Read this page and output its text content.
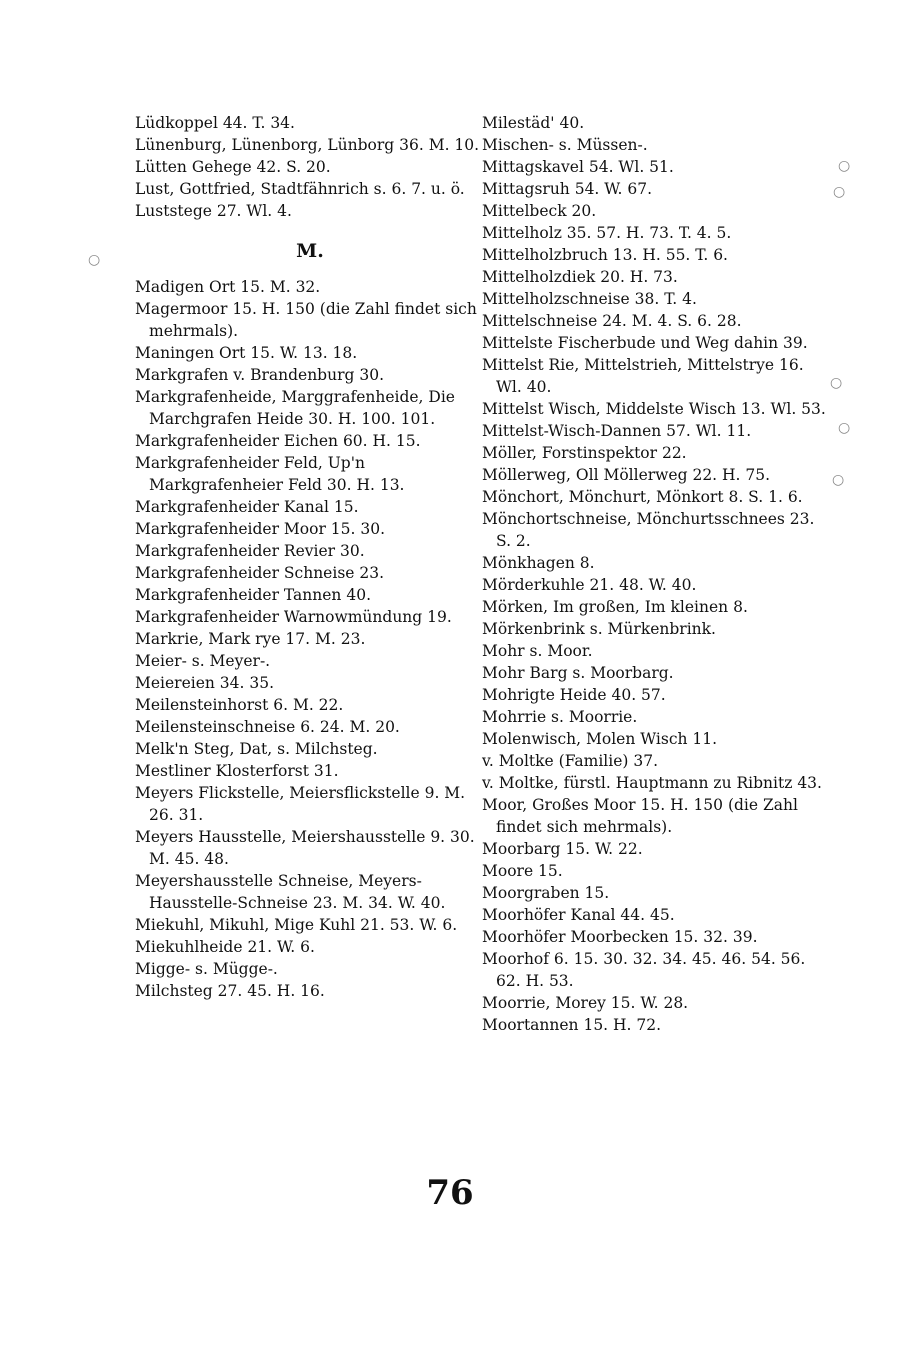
Lüdkoppel 44. T. 34.

Lünenburg, Lünenborg, Lünborg 36. M. 10.

Lütten Gehege 42. S. 20.

Lust, Gottfried, Stadtfähnrich s. 6. 7. u. ö.

Luststege 27. Wl. 4.

M.

Madigen Ort 15. M. 32.

Magermoor 15. H. 150 (die Zahl findet sich mehrmals).

Maningen Ort 15. W. 13. 18.

Markgrafen v. Brandenburg 30.

Markgrafenheide, Marggrafenheide, Die Marchgrafen Heide 30. H. 100. 101.

Markgrafenheider Eichen 60. H. 15.

Markgrafenheider Feld, Up'n Markgrafenheier Feld 30. H. 13.

Markgrafenheider Kanal 15.

Markgrafenheider Moor 15. 30.

Markgrafenheider Revier 30.

Markgrafenheider Schneise 23.

Markgrafenheider Tannen 40.

Markgrafenheider Warnowmündung 19.

Markrie, Mark rye 17. M. 23.

Meier- s. Meyer-.

Meiereien 34. 35.

Meilensteinhorst 6. M. 22.

Meilensteinschneise 6. 24. M. 20.

Melk'n Steg, Dat, s. Milchsteg.

Mestliner Klosterforst 31.

Meyers Flickstelle, Meiersflickstelle 9. M. 26. 31.

Meyers Hausstelle, Meiershausstelle 9. 30. M. 45. 48.

Meyershausstelle Schneise, Meyers-Hausstelle-Schneise 23. M. 34. W. 40.

Miekuhl, Mikuhl, Mige Kuhl 21. 53. W. 6.

Miekuhlheide 21. W. 6.

Migge- s. Mügge-.

Milchsteg 27. 45. H. 16.

Milestäd' 40.

Mischen- s. Müssen-.

Mittagskavel 54. Wl. 51.

Mittagsruh 54. W. 67.

Mittelbeck 20.

Mittelholz 35. 57. H. 73. T. 4. 5.

Mittelholzbruch 13. H. 55. T. 6.

Mittelholzdiek 20. H. 73.

Mittelholzschneise 38. T. 4.

Mittelschneise 24. M. 4. S. 6. 28.

Mittelste Fischerbude und Weg dahin 39.

Mittelst Rie, Mittelstrieh, Mittelstrye 16. Wl. 40.

Mittelst Wisch, Middelste Wisch 13. Wl. 53.

Mittelst-Wisch-Dannen 57. Wl. 11.

Möller, Forstinspektor 22.

Möllerweg, Oll Möllerweg 22. H. 75.

Mönchort, Mönchurt, Mönkort 8. S. 1. 6.

Mönchortschneise, Mönchurtsschnees 23. S. 2.

Mönkhagen 8.

Mörderkuhle 21. 48. W. 40.

Mörken, Im großen, Im kleinen 8.

Mörkenbrink s. Mürkenbrink.

Mohr s. Moor.

Mohr Barg s. Moorbarg.

Mohrigte Heide 40. 57.

Mohrrie s. Moorrie.

Molenwisch, Molen Wisch 11.

v. Moltke (Familie) 37.

v. Moltke, fürstl. Hauptmann zu Ribnitz 43.

Moor, Großes Moor 15. H. 150 (die Zahl findet sich mehrmals).

Moorbarg 15. W. 22.

Moore 15.

Moorgraben 15.

Moorhöfer Kanal 44. 45.

Moorhöfer Moorbecken 15. 32. 39.

Moorhof 6. 15. 30. 32. 34. 45. 46. 54. 56. 62. H. 53.

Moorrie, Morey 15. W. 28.

Moortannen 15. H. 72.

○
○
○
○
○
○
76
